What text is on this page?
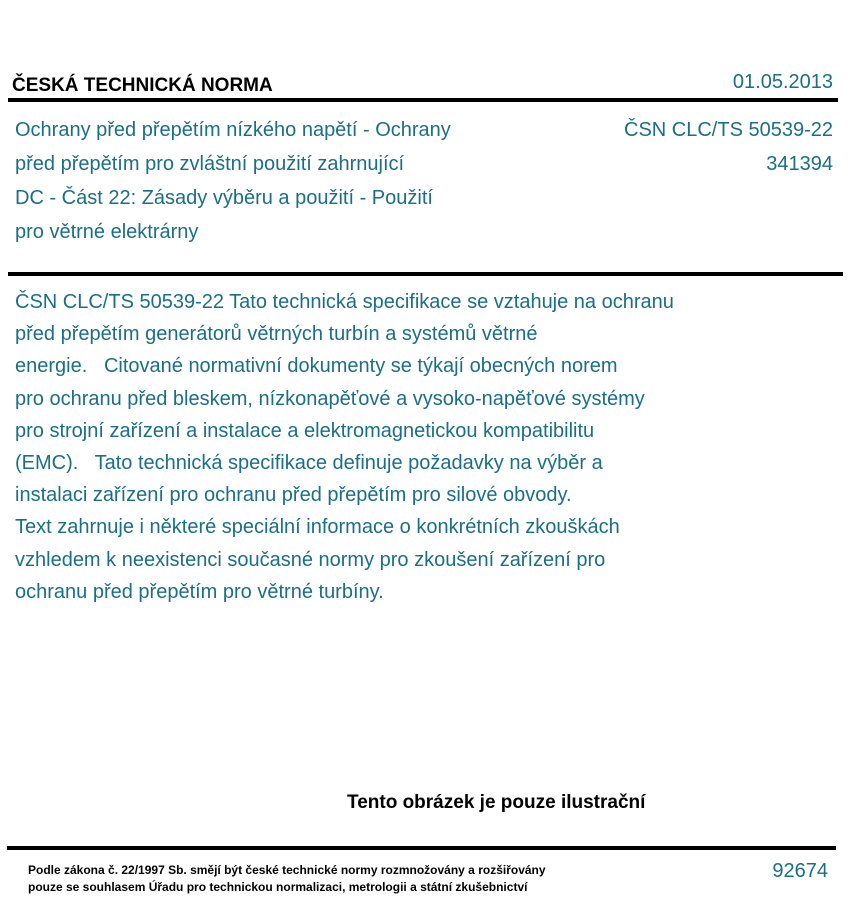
ČESKÁ TECHNICKÁ NORMA	01.05.2013
Ochrany před přepětím nízkého napětí - Ochrany
před přepětím pro zvláštní použití zahrnující
DC - Část 22: Zásady výběru a použití - Použití
pro větrné elektrárny
ČSN CLC/TS 50539-22
341394
ČSN CLC/TS 50539-22 Tato technická specifikace se vztahuje na ochranu
před přepětím generátorů větrných turbín a systémů větrné
energie.   Citované normativní dokumenty se týkají obecných norem
pro ochranu před bleskem, nízkonapěťové a vysoko-napěťové systémy
pro strojní zařízení a instalace a elektromagnetickou kompatibilitu
(EMC).   Tato technická specifikace definuje požadavky na výběr a
instalaci zařízení pro ochranu před přepětím pro silové obvody.
Text zahrnuje i některé speciální informace o konkrétních zkouškách
vzhledem k neexistenci současné normy pro zkoušení zařízení pro
ochranu před přepětím pro větrné turbíny.
Tento obrázek je pouze ilustrační
Podle zákona č. 22/1997 Sb. smějí být české technické normy rozmnožovány a rozšiřovány
pouze se souhlasem Úřadu pro technickou normalizaci, metrologii a státní zkušebnictví
92674
